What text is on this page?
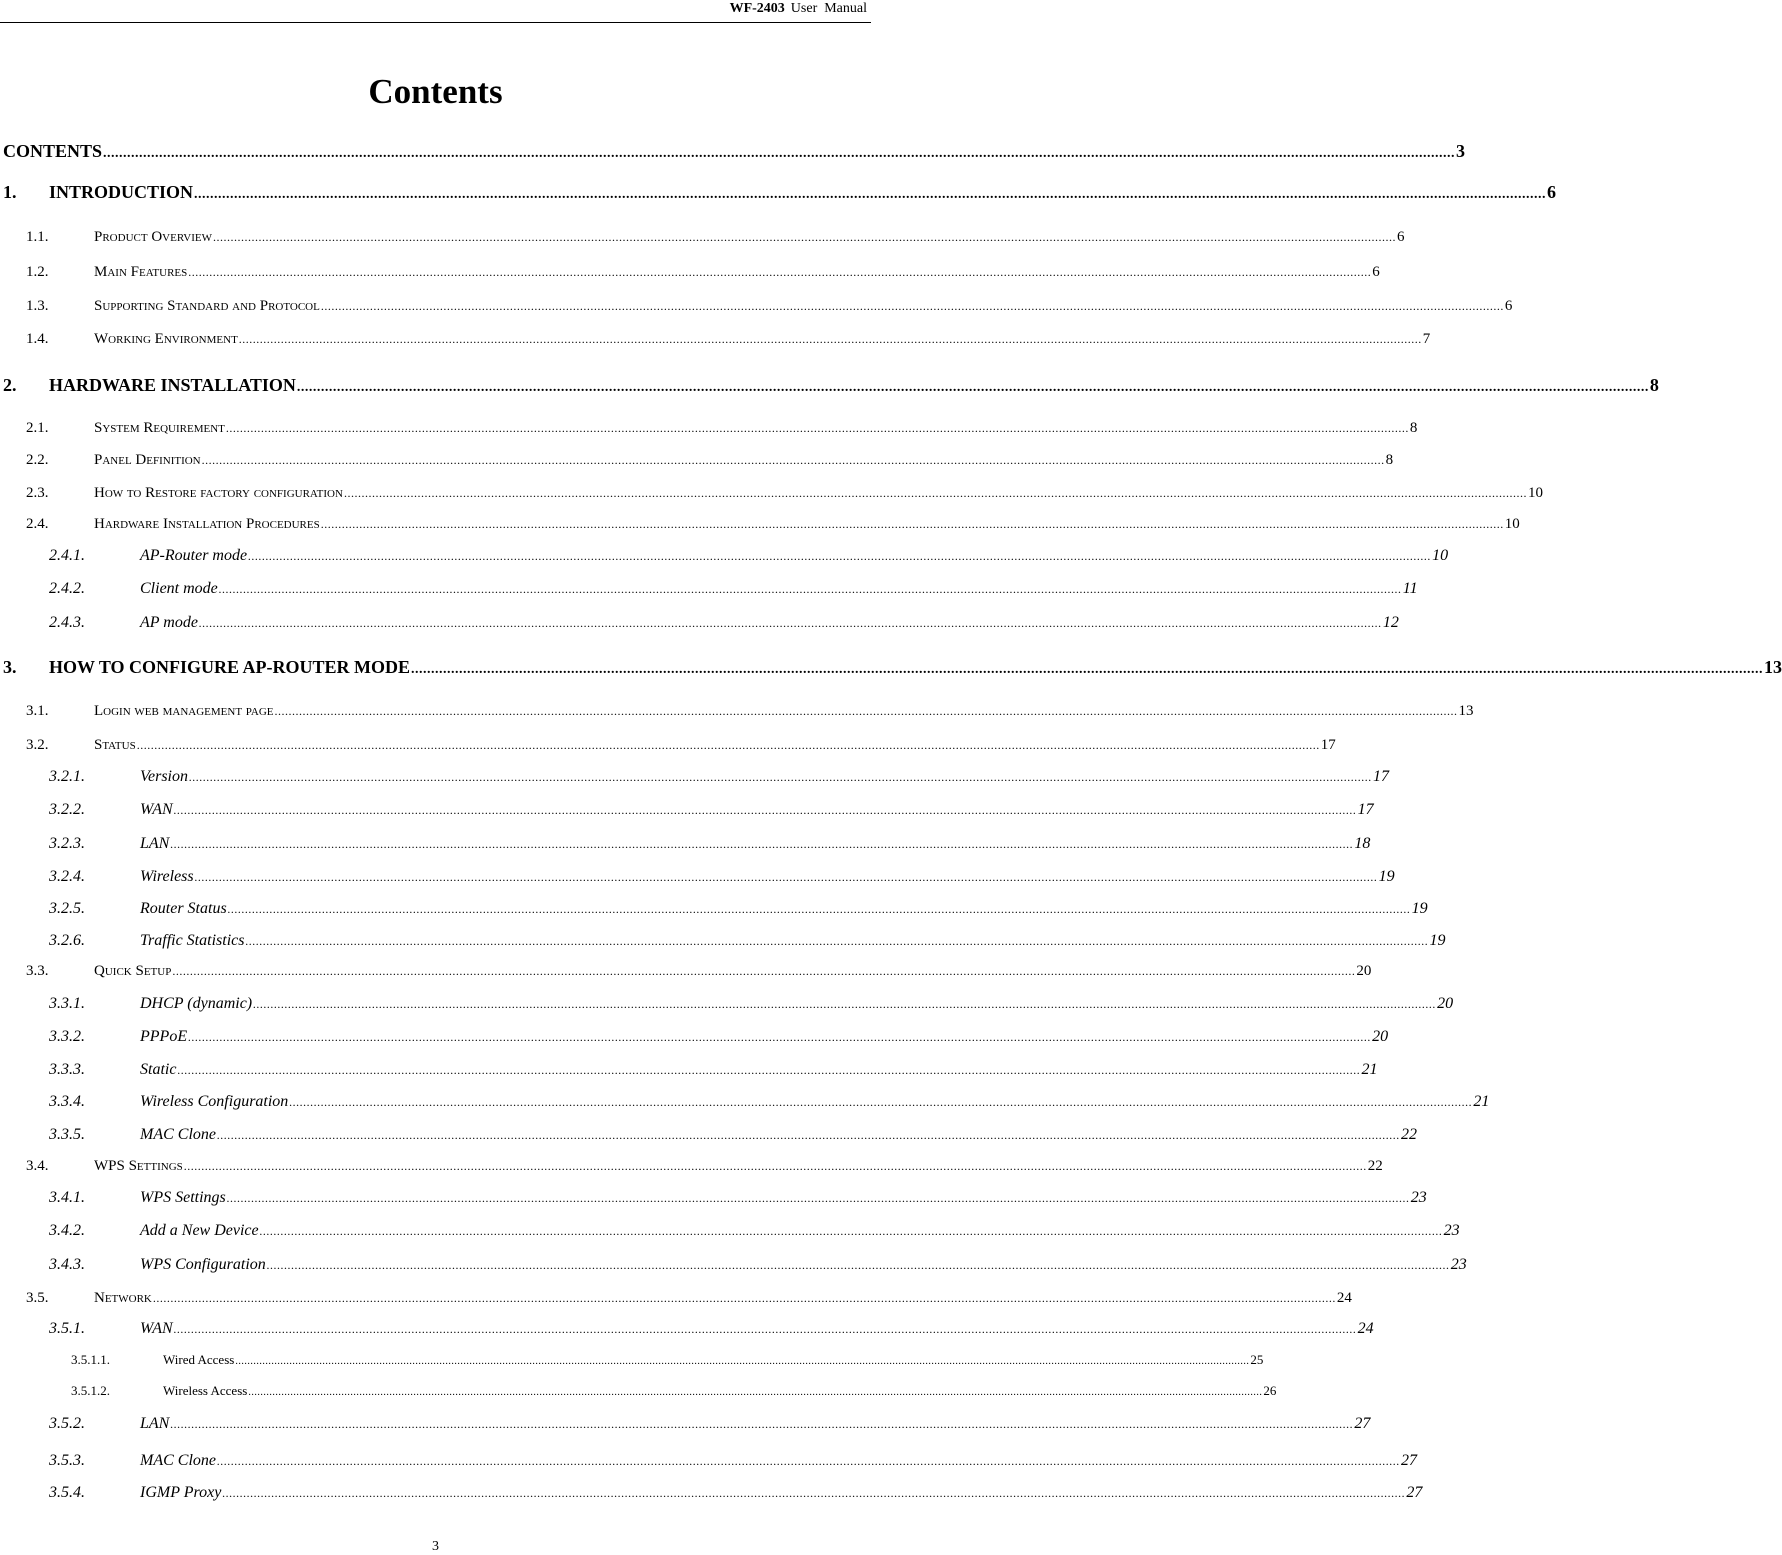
WF-2403 User  Manual
Contents
CONTENTS .....	3
1.	INTRODUCTION .....	6
1.1.	Product Overview .....	6
1.2.	Main Features .....	6
1.3.	Supporting Standard and Protocol .....	6
1.4.	Working Environment .....	7
2.	HARDWARE INSTALLATION .....	8
2.1.	System Requirement .....	8
2.2.	Panel Definition .....	8
2.3.	How to Restore factory configuration .....	10
2.4.	Hardware Installation Procedures .....	10
2.4.1.	AP-Router mode .....	10
2.4.2.	Client mode .....	11
2.4.3.	AP mode .....	12
3.	HOW TO CONFIGURE AP-ROUTER MODE .....	13
3.1.	Login web management page .....	13
3.2.	Status .....	17
3.2.1.	Version .....	17
3.2.2.	WAN .....	17
3.2.3.	LAN .....	18
3.2.4.	Wireless .....	19
3.2.5.	Router Status .....	19
3.2.6.	Traffic Statistics .....	19
3.3.	Quick Setup .....	20
3.3.1.	DHCP (dynamic) .....	20
3.3.2.	PPPoE .....	20
3.3.3.	Static .....	21
3.3.4.	Wireless Configuration .....	21
3.3.5.	MAC Clone .....	22
3.4.	WPS Settings .....	22
3.4.1.	WPS Settings .....	23
3.4.2.	Add a New Device .....	23
3.4.3.	WPS Configuration .....	23
3.5.	Network .....	24
3.5.1.	WAN .....	24
3.5.1.1.	Wired Access .....	25
3.5.1.2.	Wireless Access .....	26
3.5.2.	LAN .....	27
3.5.3.	MAC Clone .....	27
3.5.4.	IGMP Proxy .....	27
3
